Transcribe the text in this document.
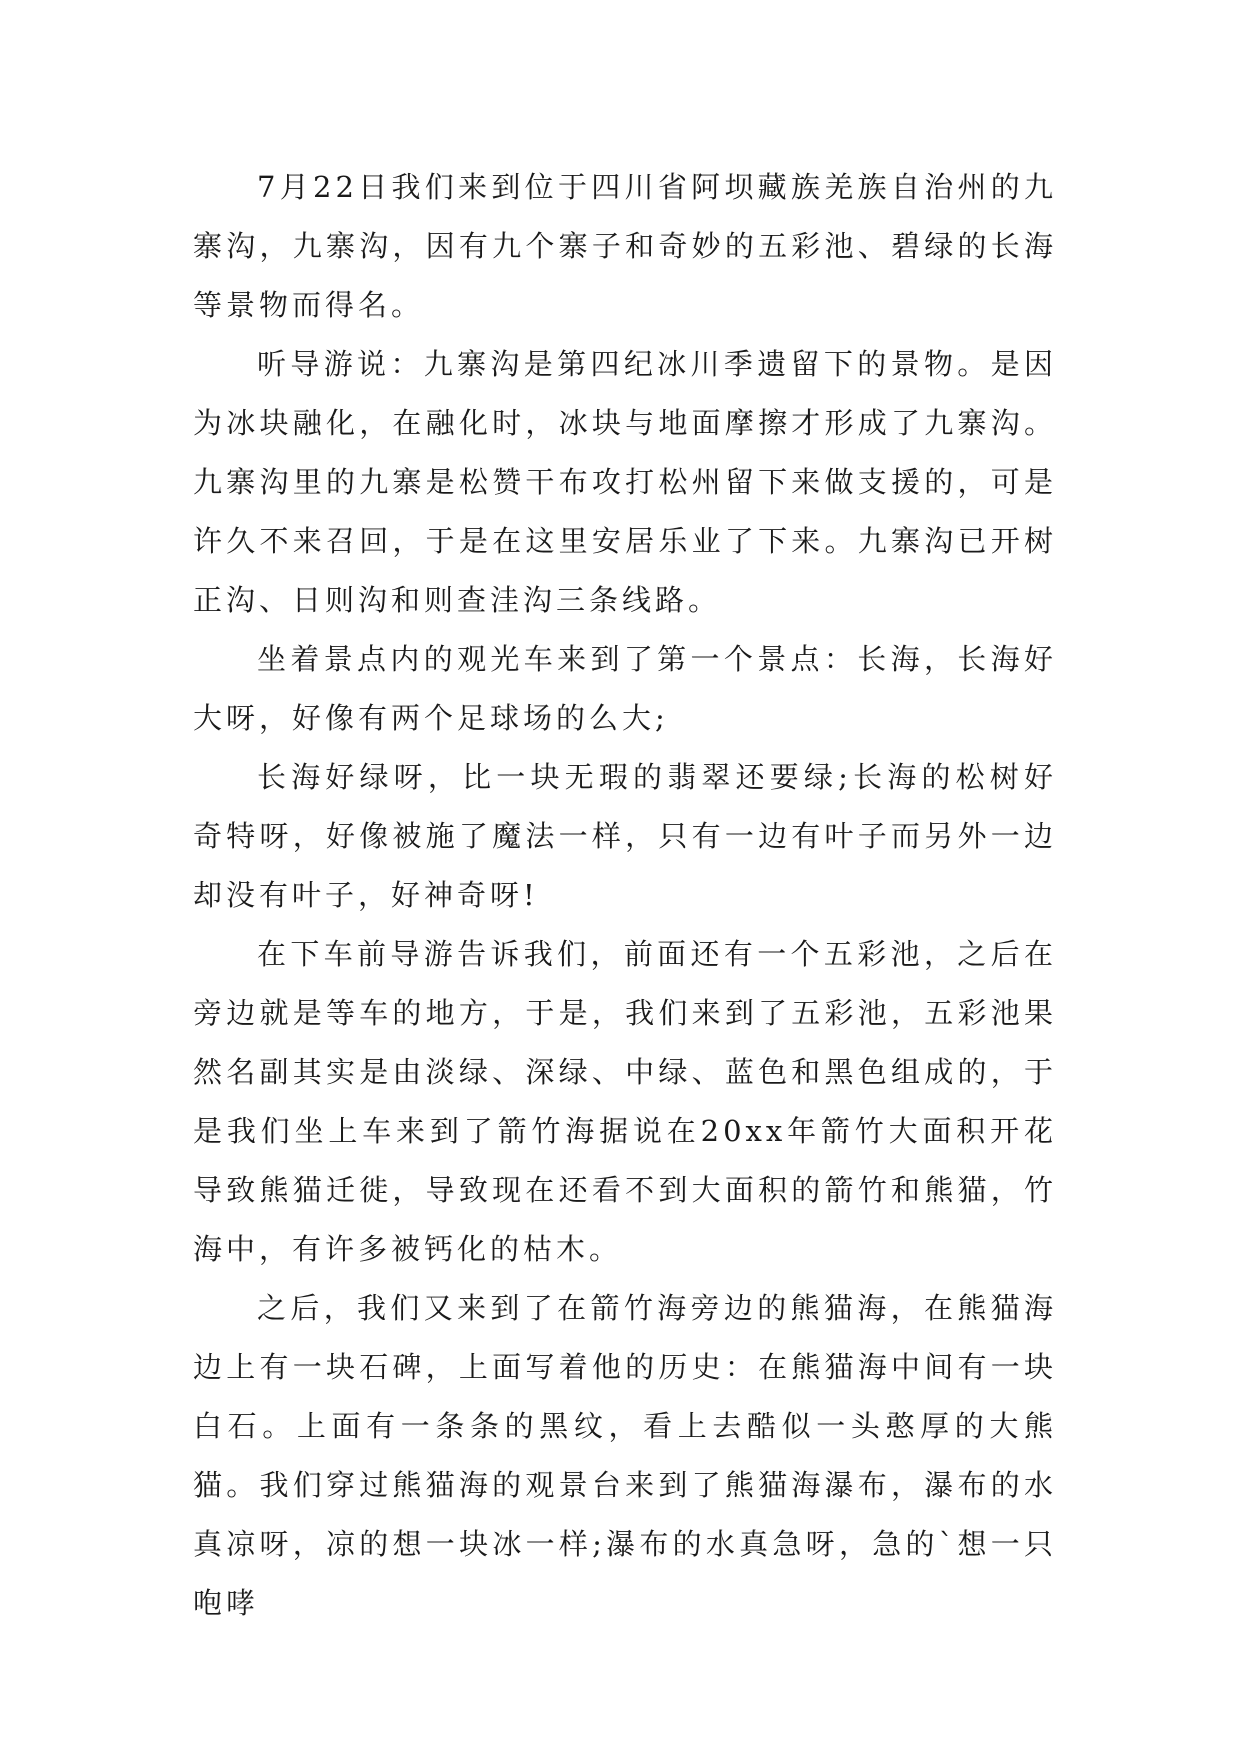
7月22日我们来到位于四川省阿坝藏族羌族自治州的九寨沟，九寨沟，因有九个寨子和奇妙的五彩池、碧绿的长海等景物而得名。

听导游说：九寨沟是第四纪冰川季遗留下的景物。是因为冰块融化，在融化时，冰块与地面摩擦才形成了九寨沟。九寨沟里的九寨是松赞干布攻打松州留下来做支援的，可是许久不来召回，于是在这里安居乐业了下来。九寨沟已开树正沟、日则沟和则查洼沟三条线路。

坐着景点内的观光车来到了第一个景点：长海，长海好大呀，好像有两个足球场的么大;

长海好绿呀，比一块无瑕的翡翠还要绿;长海的松树好奇特呀，好像被施了魔法一样，只有一边有叶子而另外一边却没有叶子，好神奇呀!

在下车前导游告诉我们，前面还有一个五彩池，之后在旁边就是等车的地方，于是，我们来到了五彩池，五彩池果然名副其实是由淡绿、深绿、中绿、蓝色和黑色组成的，于是我们坐上车来到了箭竹海据说在20xx年箭竹大面积开花导致熊猫迁徙，导致现在还看不到大面积的箭竹和熊猫，竹海中，有许多被钙化的枯木。

之后，我们又来到了在箭竹海旁边的熊猫海，在熊猫海边上有一块石碑，上面写着他的历史：在熊猫海中间有一块白石。上面有一条条的黑纹，看上去酷似一头憨厚的大熊猫。我们穿过熊猫海的观景台来到了熊猫海瀑布，瀑布的水真凉呀，凉的想一块冰一样;瀑布的水真急呀，急的`想一只咆哮
